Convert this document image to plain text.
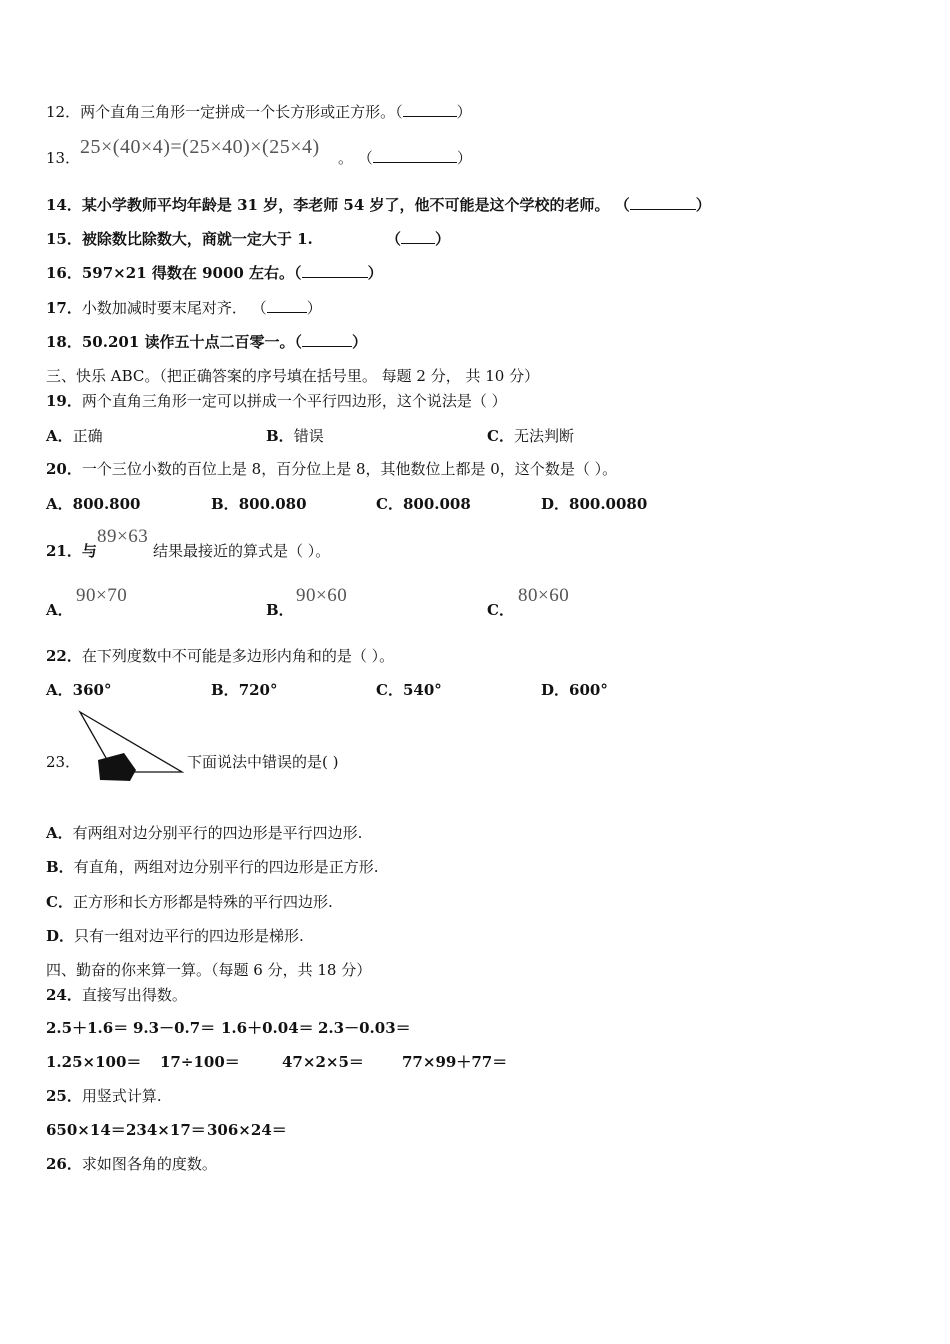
12．两个直角三角形一定拼成一个长方形或正方形。（	）
13． 25×(40×4)=(25×40)×(25×4) 。 （	）
14．某小学教师平均年龄是 31 岁，李老师 54 岁了，他不可能是这个学校的老师。 （	）
15．被除数比除数大，商就一定大于 1.	（ ）
16．597×21 得数在 9000 左右。（	）
17．小数加减时要末尾对齐． （	）
18．50.201 读作五十点二百零一。（	）
三、快乐 ABC。（把正确答案的序号填在括号里。 每题 2 分， 共 10 分）
19．两个直角三角形一定可以拼成一个平行四边形，这个说法是（ ）
A．正确	B．错误	C．无法判断
20．一个三位小数的百位上是 8，百分位上是 8，其他数位上都是 0，这个数是（ ）。
A．800.800	B．800.080	C．800.008	D．800.0080
21．与
89×63
结果最接近的算式是（ ）。
A．
90×70
B．
90×60
C．
80×60
22．在下列度数中不可能是多边形内角和的是（ ）。
A．360°	B．720°	C．540°	D．600°
23．	下面说法中错误的是( )
A．有两组对边分别平行的四边形是平行四边形.
B．有直角，两组对边分别平行的四边形是正方形.
C．正方形和长方形都是特殊的平行四边形.
D．只有一组对边平行的四边形是梯形.
四、勤奋的你来算一算。（每题 6 分，共 18 分）
24．直接写出得数。
2.5＋1.6＝ 9.3－0.7＝ 1.6＋0.04＝ 2.3－0.03＝
1.25×100＝ 17÷100＝	47×2×5＝	77×99＋77＝
25．用竖式计算.
650×14＝ 234×17＝ 306×24＝
26．求如图各角的度数。
